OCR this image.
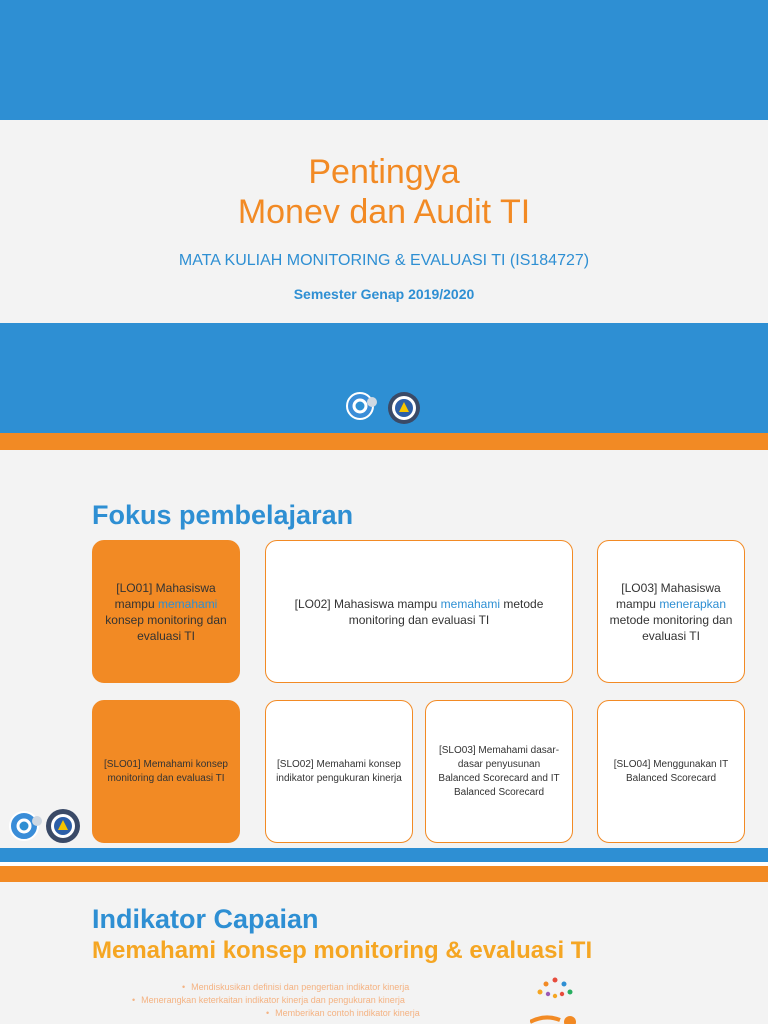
Pentingya
Monev dan Audit TI
MATA KULIAH MONITORING & EVALUASI TI (IS184727)
Semester Genap 2019/2020
Fokus pembelajaran
[LO01] Mahasiswa mampu memahami konsep monitoring dan evaluasi TI
[LO02] Mahasiswa mampu memahami metode monitoring dan evaluasi TI
[LO03] Mahasiswa mampu menerapkan metode monitoring dan evaluasi TI
[SLO01] Memahami konsep monitoring dan evaluasi TI
[SLO02] Memahami konsep indikator pengukuran kinerja
[SLO03] Memahami dasar-dasar penyusunan Balanced Scorecard and IT Balanced Scorecard
[SLO04] Menggunakan IT Balanced Scorecard
Indikator Capaian
Memahami konsep monitoring & evaluasi TI
• Mendiskusikan definisi dan pengertian indikator kinerja
• Menerangkan keterkaitan indikator kinerja dan pengukuran kinerja
• Memberikan contoh indikator kinerja
